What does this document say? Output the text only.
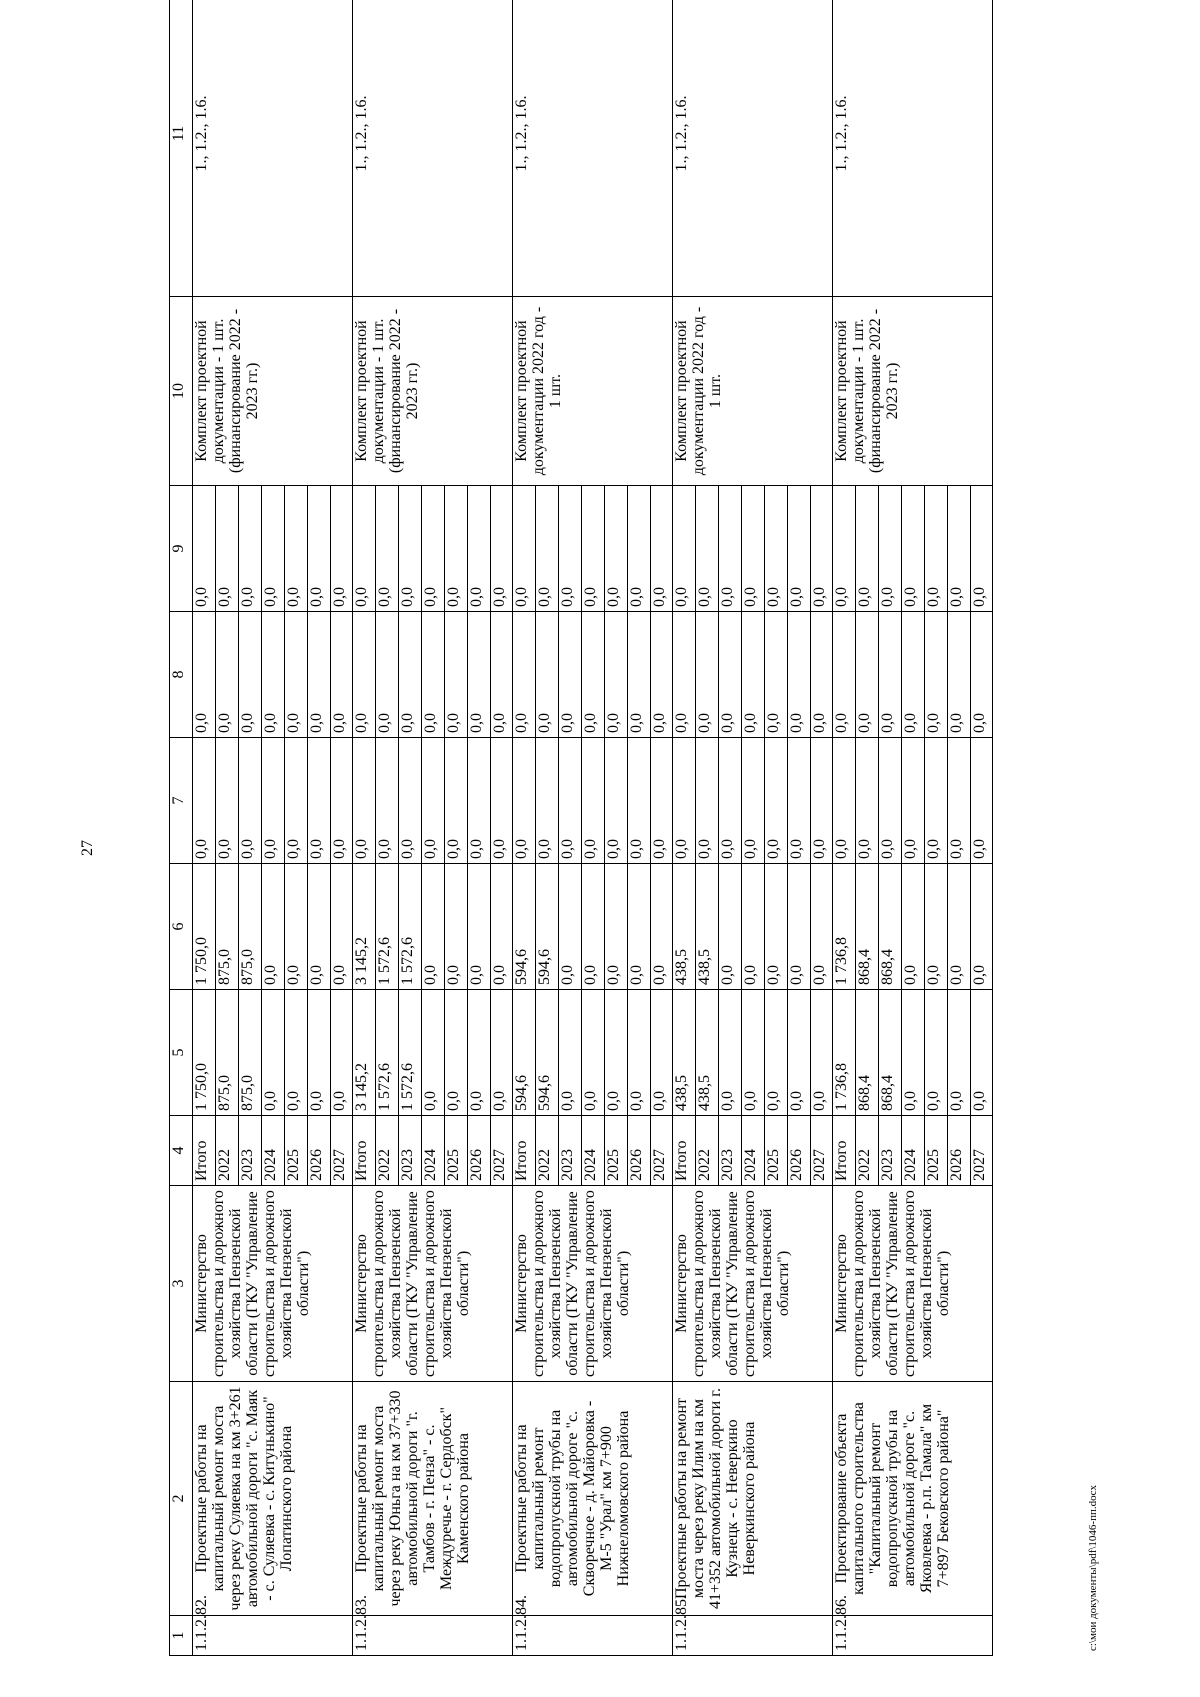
27
c:\мои документы\pdf\1046-пп.docx
1	2	3	4	5	6	7	8	9	10	11
1.1.2.82.	Проектные работы на капитальный ремонт моста через реку Суляевка на км 3+261 автомобильной дороги "с. Маяк - с. Суляевка - с. Китунькино" Лопатинского района	Министерство строительства и дорожного хозяйства Пензенской области (ГКУ "Управление строительства и дорожного хозяйства Пензенской области")	Итого	1 750,0	1 750,0	0,0	0,0	0,0	Комплект проектной документации - 1 шт. (финансирование 2022 - 2023 гг.)	1., 1.2., 1.6.
			2022	875,0	875,0	0,0	0,0	0,0		
			2023	875,0	875,0	0,0	0,0	0,0		
			2024	0,0	0,0	0,0	0,0	0,0		
			2025	0,0	0,0	0,0	0,0	0,0		
			2026	0,0	0,0	0,0	0,0	0,0		
			2027	0,0	0,0	0,0	0,0	0,0		
1.1.2.83.	Проектные работы на капитальный ремонт моста через реку Юньга на км 37+330 автомобильной дороги "г. Тамбов - г. Пенза" - с. Междуречье - г. Сердобск" Каменского района	Министерство строительства и дорожного хозяйства Пензенской области (ГКУ "Управление строительства и дорожного хозяйства Пензенской области")	Итого	3 145,2	3 145,2	0,0	0,0	0,0	Комплект проектной документации - 1 шт. (финансирование 2022 - 2023 гг.)	1., 1.2., 1.6.
			2022	1 572,6	1 572,6	0,0	0,0	0,0		
			2023	1 572,6	1 572,6	0,0	0,0	0,0		
			2024	0,0	0,0	0,0	0,0	0,0		
			2025	0,0	0,0	0,0	0,0	0,0		
			2026	0,0	0,0	0,0	0,0	0,0		
			2027	0,0	0,0	0,0	0,0	0,0		
1.1.2.84.	Проектные работы на капитальный ремонт водопропускной трубы на автомобильной дороге "с. Скворечное - д. Майоровка - М-5 "Урал" км 7+900 Нижнеломовского района	Министерство строительства и дорожного хозяйства Пензенской области (ГКУ "Управление строительства и дорожного хозяйства Пензенской области")	Итого	594,6	594,6	0,0	0,0	0,0	Комплект проектной документации 2022 год - 1 шт.	1., 1.2., 1.6.
			2022	594,6	594,6	0,0	0,0	0,0		
			2023	0,0	0,0	0,0	0,0	0,0		
			2024	0,0	0,0	0,0	0,0	0,0		
			2025	0,0	0,0	0,0	0,0	0,0		
			2026	0,0	0,0	0,0	0,0	0,0		
			2027	0,0	0,0	0,0	0,0	0,0		
1.1.2.85.	Проектные работы на ремонт моста через реку Илим на км 41+352 автомобильной дороги г. Кузнецк - с. Неверкино Неверкинского района	Министерство строительства и дорожного хозяйства Пензенской области (ГКУ "Управление строительства и дорожного хозяйства Пензенской области")	Итого	438,5	438,5	0,0	0,0	0,0	Комплект проектной документации 2022 год - 1 шт.	1., 1.2., 1.6.
			2022	438,5	438,5	0,0	0,0	0,0		
			2023	0,0	0,0	0,0	0,0	0,0		
			2024	0,0	0,0	0,0	0,0	0,0		
			2025	0,0	0,0	0,0	0,0	0,0		
			2026	0,0	0,0	0,0	0,0	0,0		
			2027	0,0	0,0	0,0	0,0	0,0		
1.1.2.86.	Проектирование объекта капитального строительства "Капитальный ремонт водопропускной трубы на автомобильной дороге "с. Яковлевка - р.п. Тамала" км 7+897 Бековского района"	Министерство строительства и дорожного хозяйства Пензенской области (ГКУ "Управление строительства и дорожного хозяйства Пензенской области")	Итого	1 736,8	1 736,8	0,0	0,0	0,0	Комплект проектной документации - 1 шт. (финансирование 2022 - 2023 гг.)	1., 1.2., 1.6.
			2022	868,4	868,4	0,0	0,0	0,0		
			2023	868,4	868,4	0,0	0,0	0,0		
			2024	0,0	0,0	0,0	0,0	0,0		
			2025	0,0	0,0	0,0	0,0	0,0		
			2026	0,0	0,0	0,0	0,0	0,0		
			2027	0,0	0,0	0,0	0,0	0,0		
